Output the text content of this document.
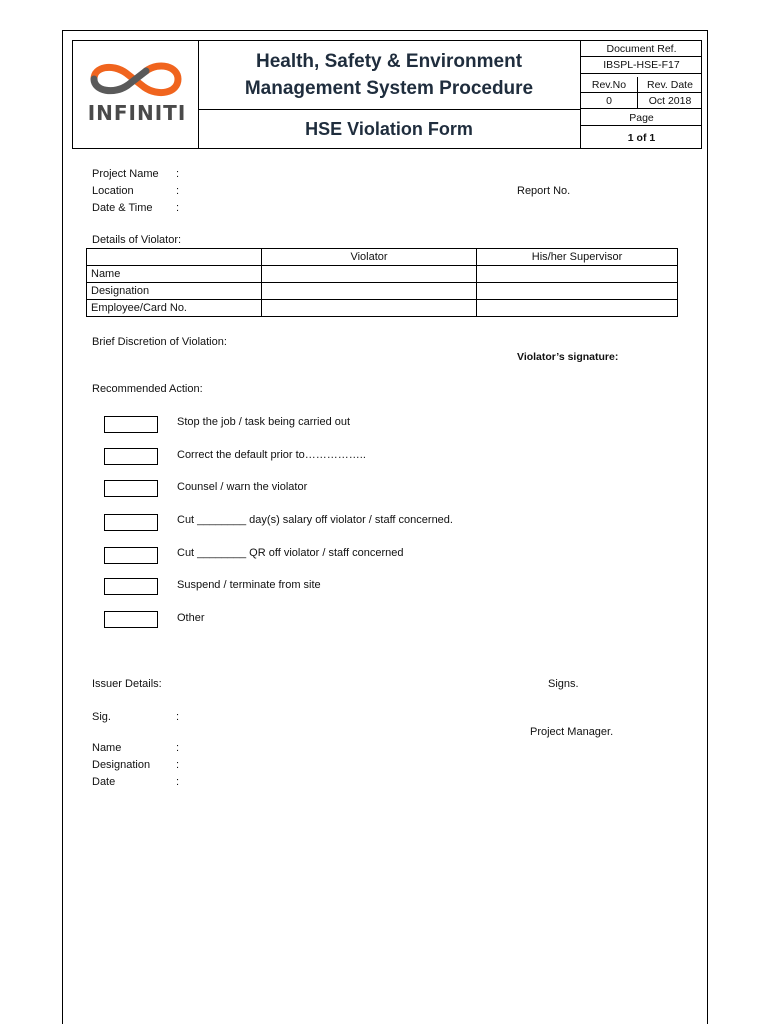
INFINITI
Health, Safety & Environment
Management System Procedure
HSE Violation Form
Document Ref.
IBSPL-HSE-F17
Rev.No	Rev. Date
0	Oct 2018
Page
1 of 1
Project Name :
Location	:	Report No.
Date & Time :
Details of Violator:
	Violator	His/her Supervisor
Name		
Designation		
Employee/Card No.		
Brief Discretion of Violation:
Violator’s signature:
Recommended Action:
Stop the job / task being carried out
Correct the default prior to……………..
Counsel / warn the violator
Cut ________ day(s) salary off violator / staff concerned.
Cut ________ QR off violator / staff concerned
Suspend / terminate from site
Other
Issuer Details:	Signs.
Sig.	:
Project Manager.
Name	:
Designation :
Date	:
